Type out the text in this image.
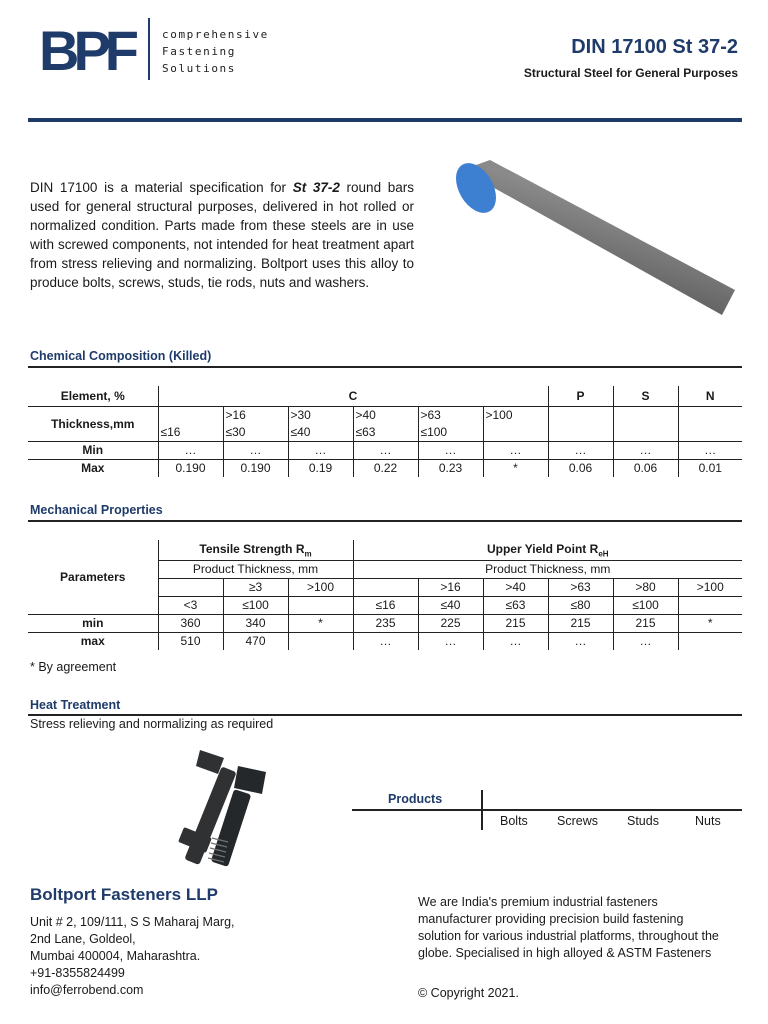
BPF	comprehensive
Fastening
Solutions
DIN 17100 St 37-2
Structural Steel for General Purposes
DIN 17100 is a material specification for St 37-2 round bars used for general structural purposes, delivered in hot rolled or normalized condition. Parts made from these steels are in use with screwed components, not intended for heat treatment apart from stress relieving and normalizing. Boltport uses this alloy to produce bolts, screws, studs, tie rods, nuts and washers.
Chemical Composition (Killed)
Element, %	C						P	S	N
Thickness,mm		>16	>30	>40	>63	>100			
	≤16	≤30	≤40	≤63	≤100				
Min	…	…	…	…	…	…	…	…	…
Max	0.190	0.190	0.19	0.22	0.23	*	0.06	0.06	0.01
Mechanical Properties
Parameters	Tensile Strength $R_m$			Upper Yield Point $R_{eH}$
	Product Thickness, mm			Product Thickness, mm					
		≥3	>100		>16	>40	>63	>80	>100
	<3	≤100		≤16	≤40	≤63	≤80	≤100	
min	360	340	*	235	225	215	215	215	*
max	510	470		…	…	…	…	…	
* By agreement
Heat Treatment
Stress relieving and normalizing as required
Products
Bolts Screws Studs	Nuts
Boltport Fasteners LLP
Unit # 2, 109/111, S S Maharaj Marg,
2nd Lane, Goldeol,
Mumbai 400004, Maharashtra.
+91-8355824499
info@ferrobend.com
We are India's premium industrial fasteners manufacturer providing precision build fastening solution for various industrial platforms, throughout the globe. Specialised in high alloyed & ASTM Fasteners
© Copyright 2021.
